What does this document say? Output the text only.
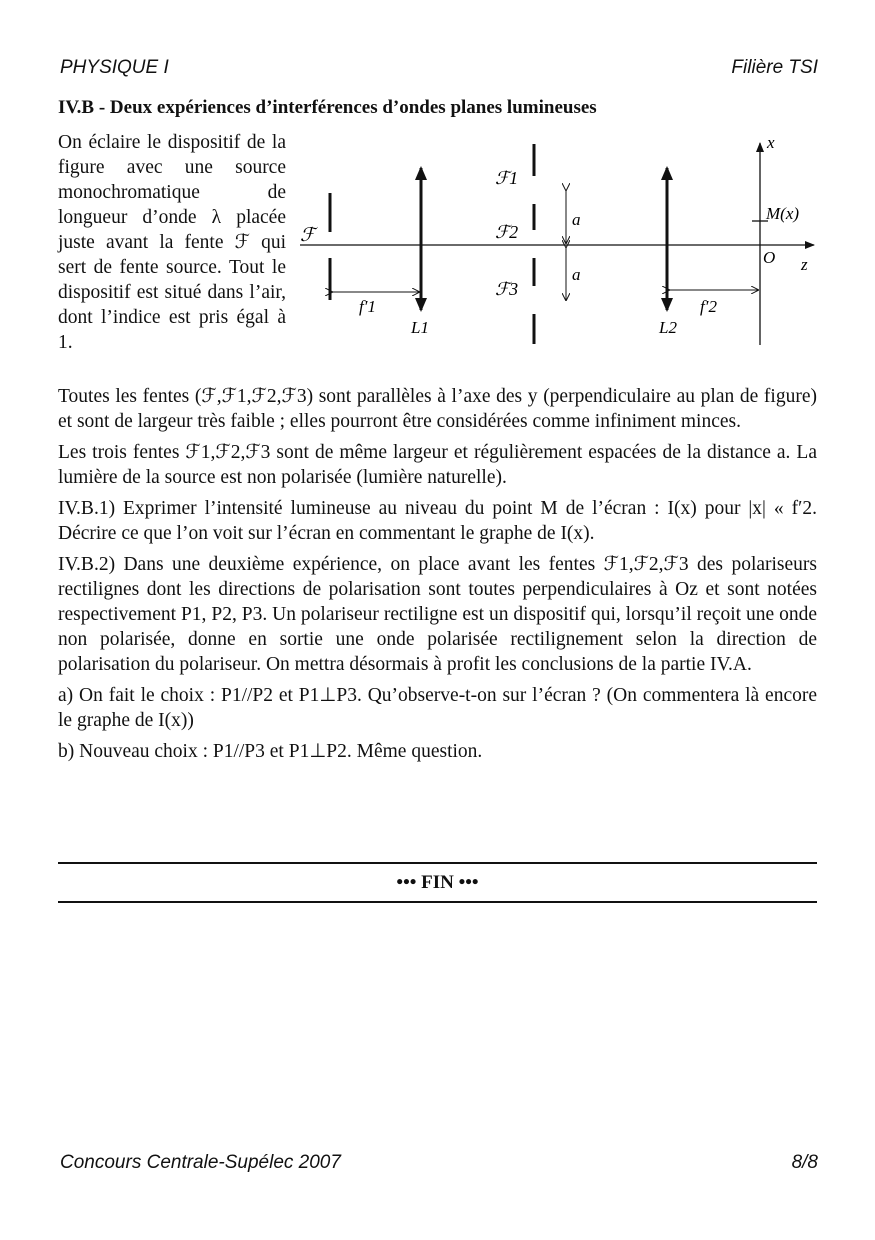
PHYSIQUE I	Filière TSI
IV.B - Deux expériences d’interférences d’ondes planes lumineuses
On éclaire le dispositif de la figure avec une source monochromatique de longueur d’onde λ placée juste avant la fente ℱ qui sert de fente source. Tout le dispositif est situé dans l’air, dont l’indice est pris égal à 1.
x
z
O
M(x)
ℱ
ℱ1
ℱ2
ℱ3
a
a
L1	L2
f′1	f′2

Toutes les fentes (ℱ,ℱ1,ℱ2,ℱ3) sont parallèles à l’axe des y (perpendiculaire au plan de figure) et sont de largeur très faible ; elles pourront être considérées comme infiniment minces.

Les trois fentes ℱ1,ℱ2,ℱ3 sont de même largeur et régulièrement espacées de la distance a. La lumière de la source est non polarisée (lumière naturelle).

IV.B.1) Exprimer l’intensité lumineuse au niveau du point M de l’écran : I(x) pour |x| « f′2. Décrire ce que l’on voit sur l’écran en commentant le graphe de I(x).

IV.B.2) Dans une deuxième expérience, on place avant les fentes ℱ1,ℱ2,ℱ3 des polariseurs rectilignes dont les directions de polarisation sont toutes perpendiculaires à Oz et sont notées respectivement P1, P2, P3. Un polariseur rectiligne est un dispositif qui, lorsqu’il reçoit une onde non polarisée, donne en sortie une onde polarisée rectilignement selon la direction de polarisation du polariseur. On mettra désormais à profit les conclusions de la partie IV.A.

a) On fait le choix : P1//P2 et P1⊥P3. Qu’observe-t-on sur l’écran ? (On commentera là encore le graphe de I(x))

b) Nouveau choix : P1//P3 et P1⊥P2. Même question.

••• FIN •••
Concours Centrale-Supélec 2007	8/8
